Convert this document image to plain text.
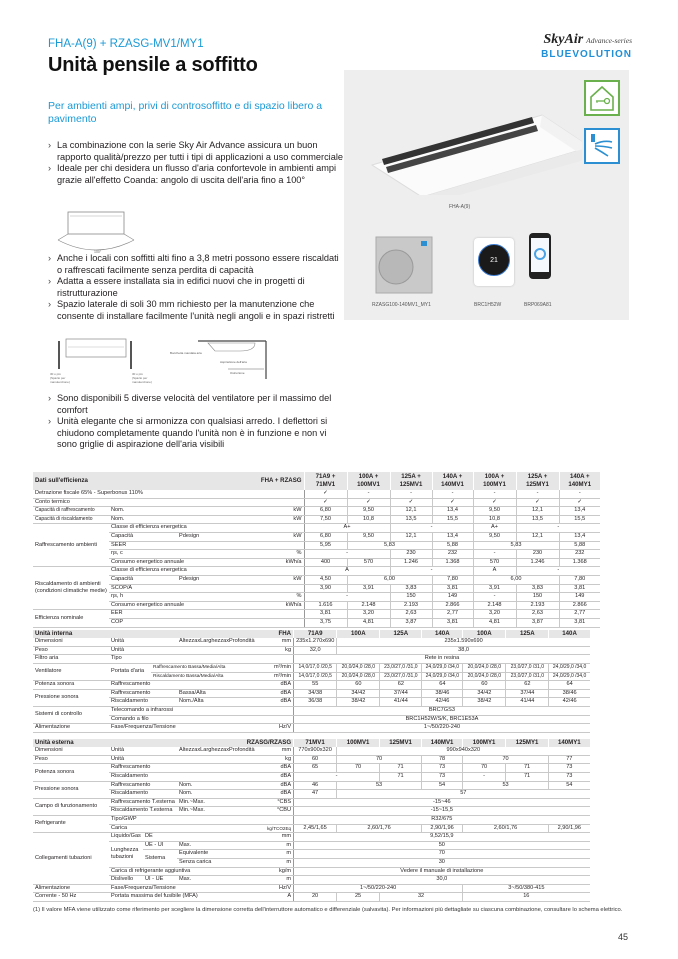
FHA-A(9) + RZASG-MV1/MY1
Unità pensile a soffitto
SkyAir Advance-series
BLUEVOLUTION
Per ambienti ampi, privi di controsoffitto e di spazio libero a pavimento
› La combinazione con la serie Sky Air Advance assicura un buon rapporto qualità/prezzo per tutti i tipi di applicazioni a uso commerciale
› Ideale per chi desidera un flusso d'aria confortevole in ambienti ampi grazie all'effetto Coanda: angolo di uscita dell'aria fino a 100°
100°
› Anche i locali con soffitti alti fino a 3,8 metri possono essere riscaldati o raffrescati facilmente senza perdita di capacità
› Adatta a essere installata sia in edifici nuovi che in progetti di ristrutturazione
› Spazio laterale di soli 30 mm richiesto per la manutenzione che consente di installare facilmente l'unità negli angoli e in spazi ristretti
30 o più
(Spazio per
manutenzione)
30 o più
(Spazio per
manutenzione)
Bocchetta mandata aria
Aspirazione dell'aria
Ostruzione
› Sono disponibili 5 diverse velocità del ventilatore per il massimo del comfort
› Unità elegante che si armonizza con qualsiasi arredo. I deflettori si chiudono completamente quando l'unità non è in funzione e non vi sono griglie di aspirazione dell'aria visibili
FHA-A(9)
RZASG100-140MV1_MY1
21
BRC1H52W	BRP069A81
Dati sull'efficienza			FHA + RZASG		71A9 + 71MV1	100A + 100MV1	125A + 125MV1	140A + 140MV1	100A + 100MY1	125A + 125MY1	140A + 140MY1
Detrazione fiscale 65% - Superbonus 110%					✓	-	-	-	-	-	-
Conto termico					✓	✓	✓	✓	✓	✓	✓
Capacità di raffrescamento	Nom.			kW	6,80	9,50	12,1	13,4	9,50	12,1	13,4
Capacità di riscaldamento	Nom.			kW	7,50	10,8	13,5	15,5	10,8	13,5	15,5
Raffrescamento ambienti	Classe di efficienza energetica				A+		-		A+	-	
	Capacità	Pdesign		kW	6,80	9,50	12,1	13,4	9,50	12,1	13,4
	SEER				5,95	5,83		5,88	5,83		5,88
	ηs, c			%	-		230	232	-	230	232
	Consumo energetico annuale			kWh/a	400	570	1.246	1.368	570	1.246	1.368
Riscaldamento di ambienti (condizioni climatiche medie)	Classe di efficienza energetica				A		-		A	-	
	Capacità	Pdesign		kW	4,50	6,00		7,80	6,00		7,80
	SCOP/A				3,90	3,91	3,83	3,81	3,91	3,83	3,81
	ηs, h			%	-		150	149	-	150	149
	Consumo energetico annuale			kWh/a	1.616	2.148	2.193	2.866	2.148	2.193	2.866
Efficienza nominale	EER				3,81	3,20	2,63	2,77	3,20	2,63	2,77
	COP				3,75	4,81	3,87	3,81	4,81	3,87	3,81
Unità interna			FHA		71A9	100A	125A	140A	100A	125A	140A
Dimensioni	Unità		AltezzaxLarghezzaxProfondità	mm	235x1.270x690	235x1.590x690					
Peso	Unità			kg	32,0	38,0					
Filtro aria	Tipo				Rete in resina						
Ventilatore	Portata d'aria	Raffrescamento Bassa/Media/Alta		m³/min	14,0/17,0 /20,5	20,0/24,0 /28,0	23,0/27,0 /31,0	24,0/29,0 /34,0	20,0/24,0 /28,0	23,0/27,0 /31,0	24,0/29,0 /34,0
		Riscaldamento Bassa/Media/Alta		m³/min	14,0/17,0 /20,5	20,0/24,0 /28,0	23,0/27,0 /31,0	24,0/29,0 /34,0	20,0/24,0 /28,0	23,0/27,0 /31,0	24,0/29,0 /34,0
Potenza sonora	Raffrescamento			dBA	55	60	62	64	60	62	64
Pressione sonora	Raffrescamento		Bassa/Alta	dBA	34/38	34/42	37/44	38/46	34/42	37/44	38/46
	Riscaldamento		Nom./Alta	dBA	36/38	38/42	41/44	42/46	38/42	41/44	42/46
Sistemi di controllo	Telecomando a infrarossi				BRC7GS3						
	Comando a filo				BRC1H52W/S/K, BRC1E53A						
Alimentazione	Fase/Frequenza/Tensione			Hz/V	1~/50/220-240						
Unità esterna			RZASG/RZASG		71MV1	100MV1	125MV1	140MV1	100MY1	125MY1	140MY1
Dimensioni	Unità		AltezzaxLarghezzaxProfondità	mm	770x900x320	990x940x320					
Peso	Unità			kg	60	70		78	70		77
Potenza sonora	Raffrescamento			dBA	65	70	71	73	70	71	73
	Riscaldamento			dBA	-		71	73	-	71	73
Pressione sonora	Raffrescamento		Nom.	dBA	46	53		54	53		54
	Riscaldamento		Nom.	dBA	47	57					
Campo di funzionamento	Raffrescamento T.esterna		Min.~Max.	°CBS	-15~46						
	Riscaldamento T.esterna		Min.~Max.	°CBU	-15~15,5						
Refrigerante	Tipo/GWP				R32/675						
	Carica			kg/TCO2Eq	2,45/1,65	2,60/1,76		2,90/1,96	2,60/1,76		2,90/1,96
Collegamenti tubazioni	Liquido/Gas	DE		mm	9,52/15,9						
	Lunghezza tubazioni	UE - UI	Max.	m	50						
		Sistema	Equivalente	m	70						
			Senza carica	m	30						
	Carica di refrigerante aggiuntiva			kg/m	Vedere il manuale di installazione						
	Dislivello	UI - UE	Max.	m	30,0						
Alimentazione	Fase/Frequenza/Tensione			Hz/V	1~/50/220-240				3~/50/380-415		
Corrente - 50 Hz	Portata massima del fusibile (MFA)			A	20	25	32		16		
(1) Il valore MFA viene utilizzato come riferimento per scegliere la dimensione corretta dell'interruttore automatico e differenziale (salvavita). Per informazioni più dettagliate su ciascuna combinazione, consultare lo schema elettrico.
45
